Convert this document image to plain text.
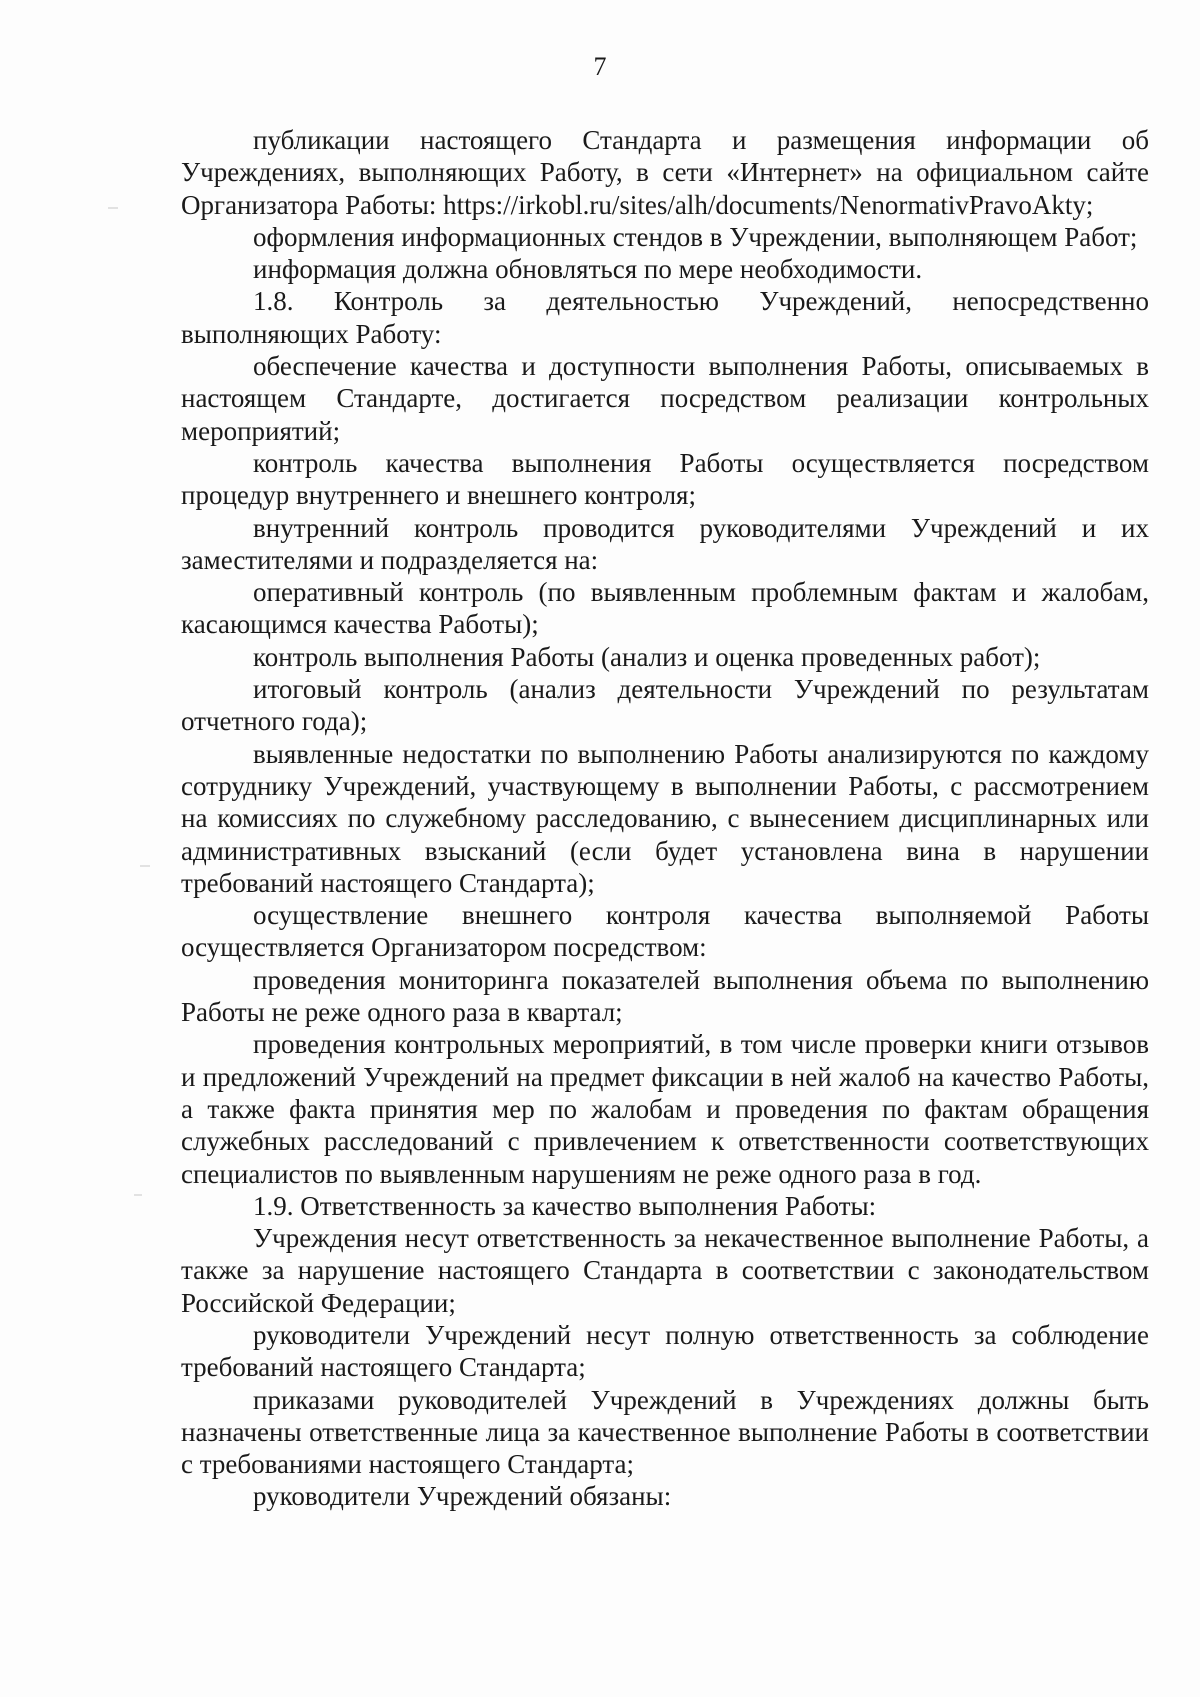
7

публикации настоящего Стандарта и размещения информации об Учреждениях, выполняющих Работу, в сети «Интернет» на официальном сайте Организатора Работы: https://irkobl.ru/sites/alh/documents/NenormativPravoAkty;

оформления информационных стендов в Учреждении, выполняющем Работ;

информация должна обновляться по мере необходимости.

1.8. Контроль за деятельностью Учреждений, непосредственно выполняющих Работу:

обеспечение качества и доступности выполнения Работы, описываемых в настоящем Стандарте, достигается посредством реализации контрольных мероприятий;

контроль качества выполнения Работы осуществляется посредством процедур внутреннего и внешнего контроля;

внутренний контроль проводится руководителями Учреждений и их заместителями и подразделяется на:

оперативный контроль (по выявленным проблемным фактам и жалобам, касающимся качества Работы);

контроль выполнения Работы (анализ и оценка проведенных работ);

итоговый контроль (анализ деятельности Учреждений по результатам отчетного года);

выявленные недостатки по выполнению Работы анализируются по каждому сотруднику Учреждений, участвующему в выполнении Работы, с рассмотрением на комиссиях по служебному расследованию, с вынесением дисциплинарных или административных взысканий (если будет установлена вина в нарушении требований настоящего Стандарта);

осуществление внешнего контроля качества выполняемой Работы осуществляется Организатором посредством:

проведения мониторинга показателей выполнения объема по выполнению Работы не реже одного раза в квартал;

проведения контрольных мероприятий, в том числе проверки книги отзывов и предложений Учреждений на предмет фиксации в ней жалоб на качество Работы, а также факта принятия мер по жалобам и проведения по фактам обращения служебных расследований с привлечением к ответственности соответствующих специалистов по выявленным нарушениям не реже одного раза в год.

1.9. Ответственность за качество выполнения Работы:

Учреждения несут ответственность за некачественное выполнение Работы, а также за нарушение настоящего Стандарта в соответствии с законодательством Российской Федерации;

руководители Учреждений несут полную ответственность за соблюдение требований настоящего Стандарта;

приказами руководителей Учреждений в Учреждениях должны быть назначены ответственные лица за качественное выполнение Работы в соответствии с требованиями настоящего Стандарта;

руководители Учреждений обязаны:
